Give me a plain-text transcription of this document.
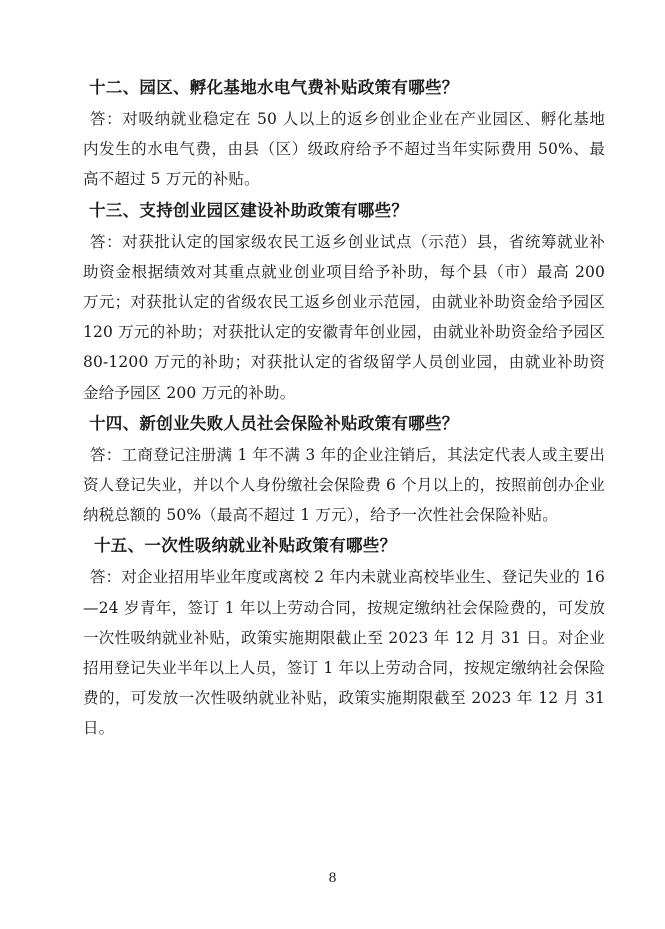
十二、园区、孵化基地水电气费补贴政策有哪些？

答：对吸纳就业稳定在 50 人以上的返乡创业企业在产业园区、孵化基地内发生的水电气费，由县（区）级政府给予不超过当年实际费用 50%、最高不超过 5 万元的补贴。

十三、支持创业园区建设补助政策有哪些？

答：对获批认定的国家级农民工返乡创业试点（示范）县，省统筹就业补助资金根据绩效对其重点就业创业项目给予补助，每个县（市）最高 200 万元；对获批认定的省级农民工返乡创业示范园，由就业补助资金给予园区 120 万元的补助；对获批认定的安徽青年创业园，由就业补助资金给予园区 80-1200 万元的补助；对获批认定的省级留学人员创业园，由就业补助资金给予园区 200 万元的补助。

十四、新创业失败人员社会保险补贴政策有哪些？

答：工商登记注册满 1 年不满 3 年的企业注销后，其法定代表人或主要出资人登记失业，并以个人身份缴社会保险费 6 个月以上的，按照前创办企业纳税总额的 50%（最高不超过 1 万元），给予一次性社会保险补贴。

十五、一次性吸纳就业补贴政策有哪些？

答：对企业招用毕业年度或离校 2 年内未就业高校毕业生、登记失业的 16—24 岁青年，签订 1 年以上劳动合同，按规定缴纳社会保险费的，可发放一次性吸纳就业补贴，政策实施期限截止至 2023 年 12 月 31 日。对企业招用登记失业半年以上人员，签订 1 年以上劳动合同，按规定缴纳社会保险费的，可发放一次性吸纳就业补贴，政策实施期限截至 2023 年 12 月 31 日。

8
